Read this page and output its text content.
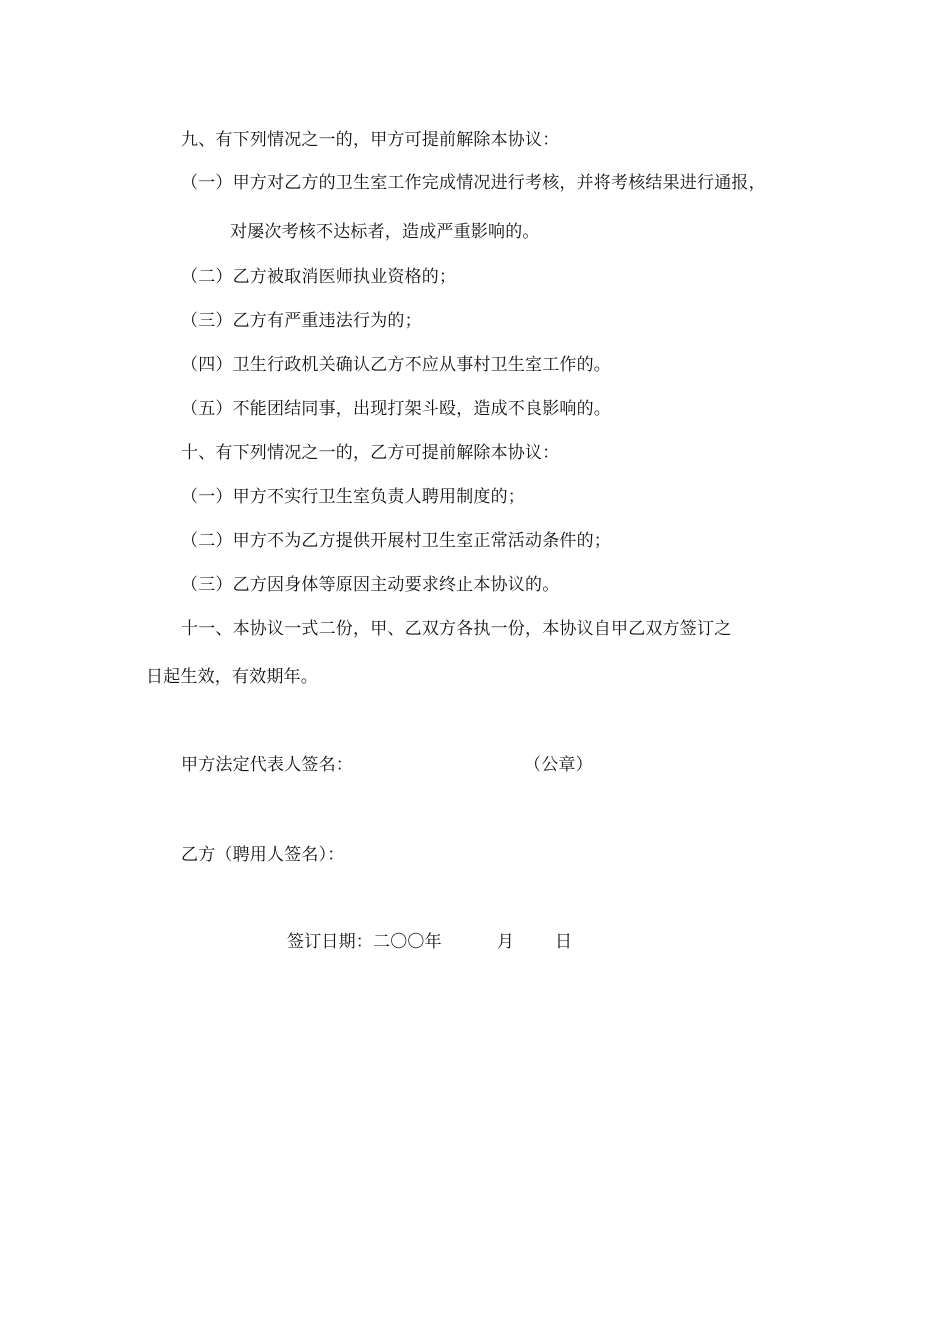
九、有下列情况之一的，甲方可提前解除本协议：
（一）甲方对乙方的卫生室工作完成情况进行考核，并将考核结果进行通报，
对屡次考核不达标者，造成严重影响的。
（二）乙方被取消医师执业资格的；
（三）乙方有严重违法行为的；
（四）卫生行政机关确认乙方不应从事村卫生室工作的。
（五）不能团结同事，出现打架斗殴，造成不良影响的。
十、有下列情况之一的，乙方可提前解除本协议：
（一）甲方不实行卫生室负责人聘用制度的；
（二）甲方不为乙方提供开展村卫生室正常活动条件的；
（三）乙方因身体等原因主动要求终止本协议的。
十一、本协议一式二份，甲、乙双方各执一份，本协议自甲乙双方签订之
日起生效，有效期年。
甲方法定代表人签名：	（公章）
乙方（聘用人签名）：
签订日期：二〇〇年	月 日
